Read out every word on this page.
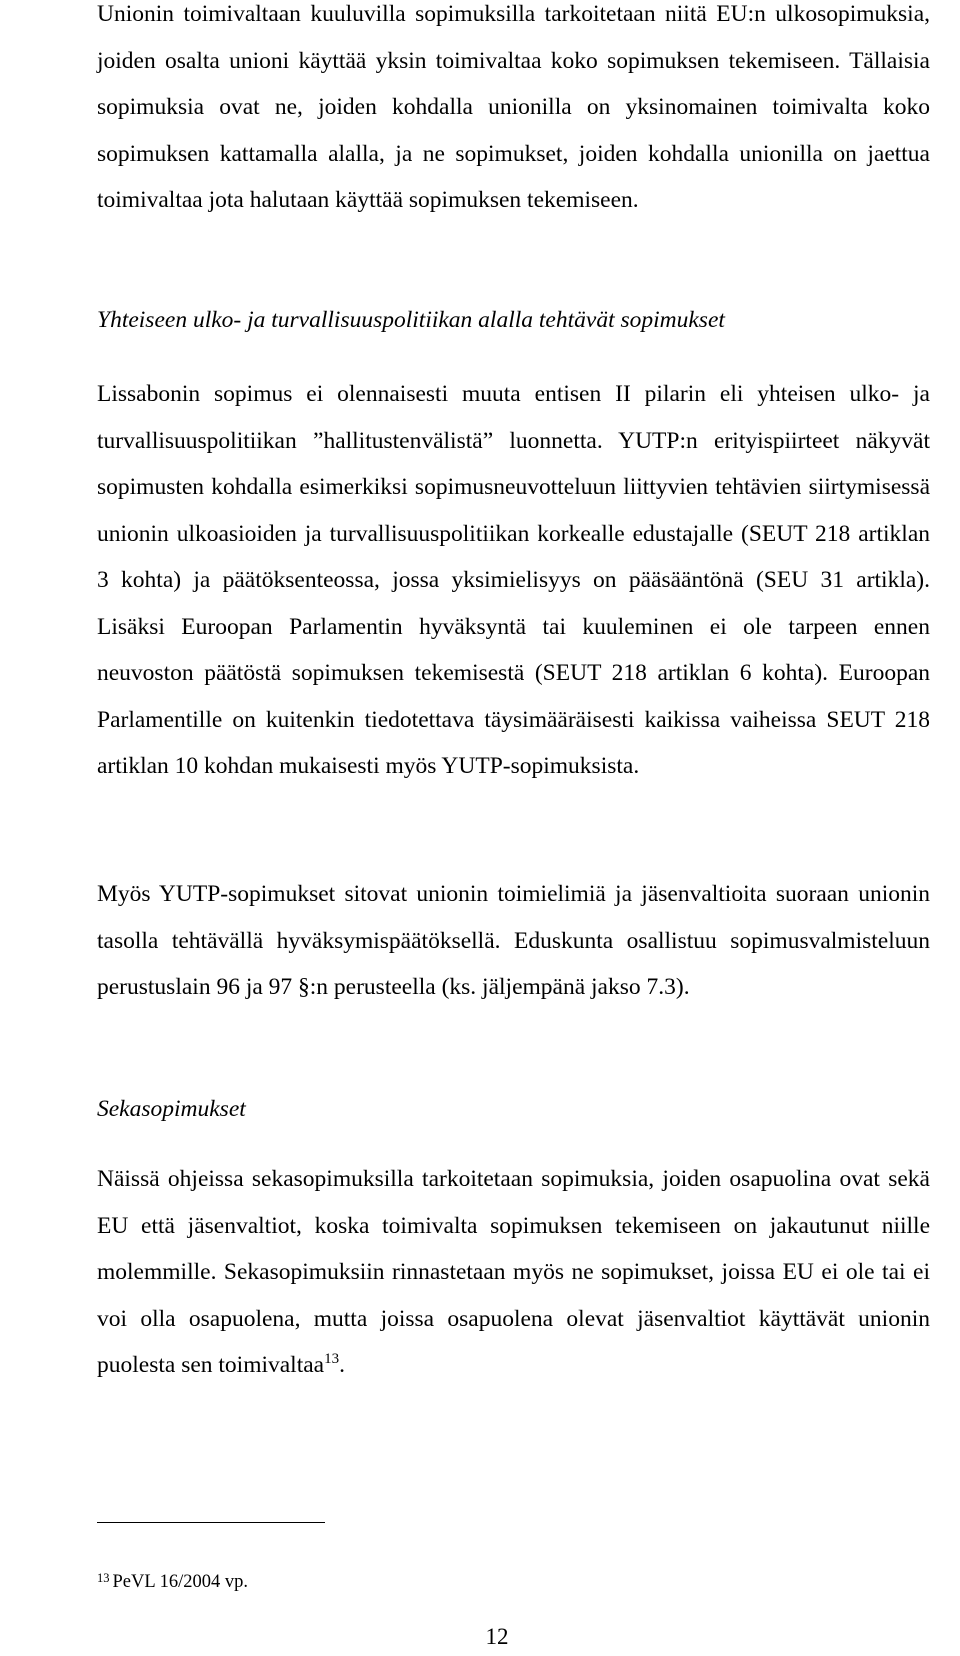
Unionin toimivaltaan kuuluvilla sopimuksilla tarkoitetaan niitä EU:n ulkosopimuksia, joiden osalta unioni käyttää yksin toimivaltaa koko sopimuksen tekemiseen. Tällaisia sopimuksia ovat ne, joiden kohdalla unionilla on yksinomainen toimivalta koko sopimuksen kattamalla alalla, ja ne sopimukset, joiden kohdalla unionilla on jaettua toimivaltaa jota halutaan käyttää sopimuksen tekemiseen.

Yhteiseen ulko- ja turvallisuuspolitiikan alalla tehtävät sopimukset

Lissabonin sopimus ei olennaisesti muuta entisen II pilarin eli yhteisen ulko- ja turvallisuuspolitiikan ”hallitustenvälistä” luonnetta. YUTP:n erityispiirteet näkyvät sopimusten kohdalla esimerkiksi sopimusneuvotteluun liittyvien tehtävien siirtymisessä unionin ulkoasioiden ja turvallisuuspolitiikan korkealle edustajalle (SEUT 218 artiklan 3 kohta) ja päätöksenteossa, jossa yksimielisyys on pääsääntönä (SEU 31 artikla). Lisäksi Euroopan Parlamentin hyväksyntä tai kuuleminen ei ole tarpeen ennen neuvoston päätöstä sopimuksen tekemisestä (SEUT 218 artiklan 6 kohta). Euroopan Parlamentille on kuitenkin tiedotettava täysimääräisesti kaikissa vaiheissa SEUT 218 artiklan 10 kohdan mukaisesti myös YUTP-sopimuksista.

Myös YUTP-sopimukset sitovat unionin toimielimiä ja jäsenvaltioita suoraan unionin tasolla tehtävällä hyväksymispäätöksellä. Eduskunta osallistuu sopimusvalmisteluun perustuslain 96 ja 97 §:n perusteella (ks. jäljempänä jakso 7.3).

Sekasopimukset

Näissä ohjeissa sekasopimuksilla tarkoitetaan sopimuksia, joiden osapuolina ovat sekä EU että jäsenvaltiot, koska toimivalta sopimuksen tekemiseen on jakautunut niille molemmille. Sekasopimuksiin rinnastetaan myös ne sopimukset, joissa EU ei ole tai ei voi olla osapuolena, mutta joissa osapuolena olevat jäsenvaltiot käyttävät unionin puolesta sen toimivaltaa$^{13}$.

$^{13}$ PeVL 16/2004 vp.
12
